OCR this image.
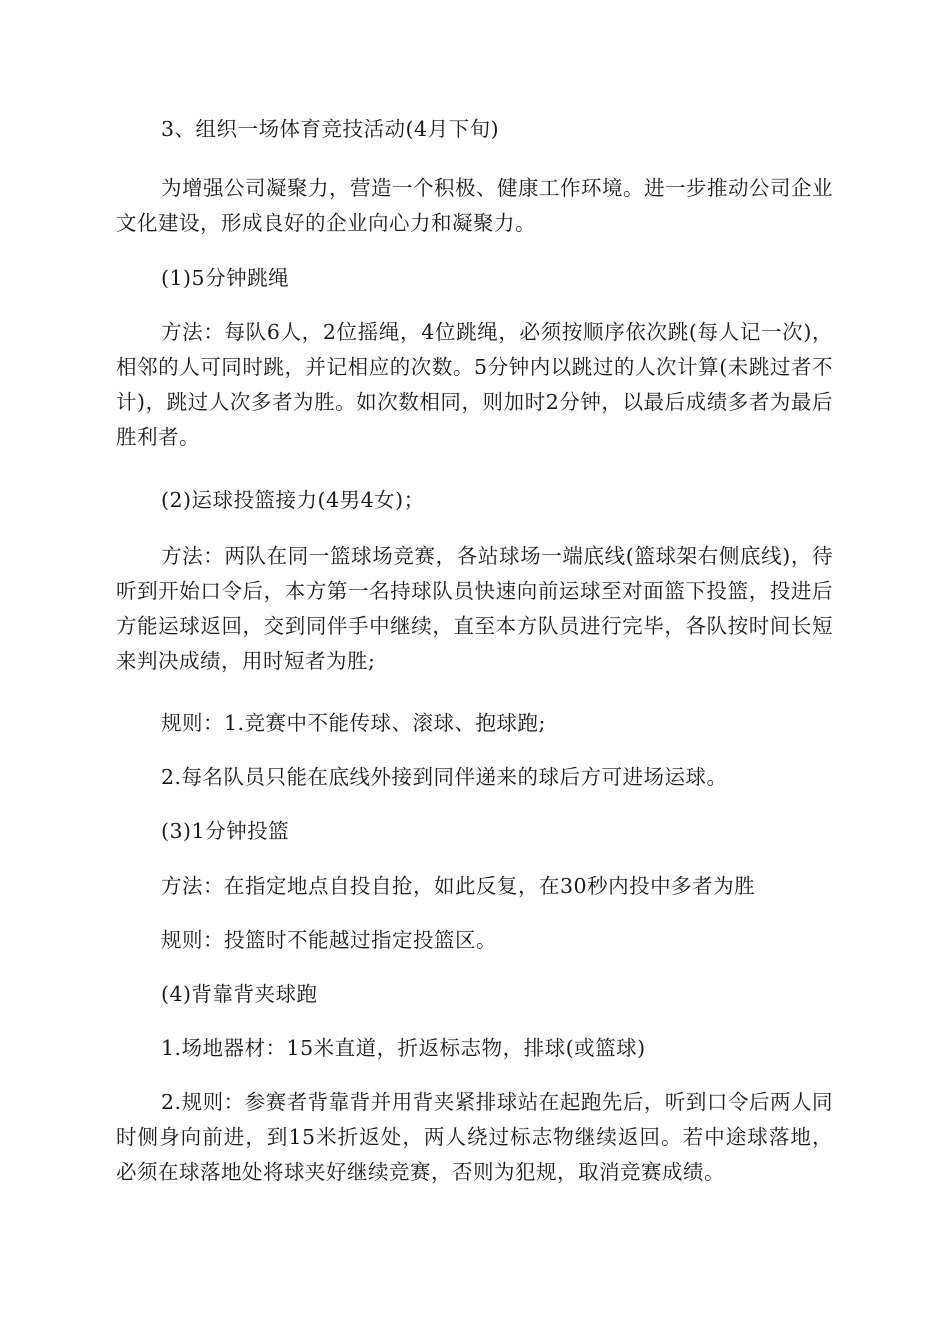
3、组织一场体育竞技活动(4月下旬)
为增强公司凝聚力，营造一个积极、健康工作环境。进一步推动公司企业文化建设，形成良好的企业向心力和凝聚力。
(1)5分钟跳绳
方法：每队6人，2位摇绳，4位跳绳，必须按顺序依次跳(每人记一次)，相邻的人可同时跳，并记相应的次数。5分钟内以跳过的人次计算(未跳过者不计)，跳过人次多者为胜。如次数相同，则加时2分钟，以最后成绩多者为最后胜利者。
(2)运球投篮接力(4男4女)；
方法：两队在同一篮球场竞赛，各站球场一端底线(篮球架右侧底线)，待听到开始口令后，本方第一名持球队员快速向前运球至对面篮下投篮，投进后方能运球返回，交到同伴手中继续，直至本方队员进行完毕，各队按时间长短来判决成绩，用时短者为胜;
规则：1.竞赛中不能传球、滚球、抱球跑;
2.每名队员只能在底线外接到同伴递来的球后方可进场运球。
(3)1分钟投篮
方法：在指定地点自投自抢，如此反复，在30秒内投中多者为胜
规则：投篮时不能越过指定投篮区。
(4)背靠背夹球跑
1.场地器材：15米直道，折返标志物，排球(或篮球)
2.规则：参赛者背靠背并用背夹紧排球站在起跑先后，听到口令后两人同时侧身向前进，到15米折返处，两人绕过标志物继续返回。若中途球落地，必须在球落地处将球夹好继续竞赛，否则为犯规，取消竞赛成绩。
